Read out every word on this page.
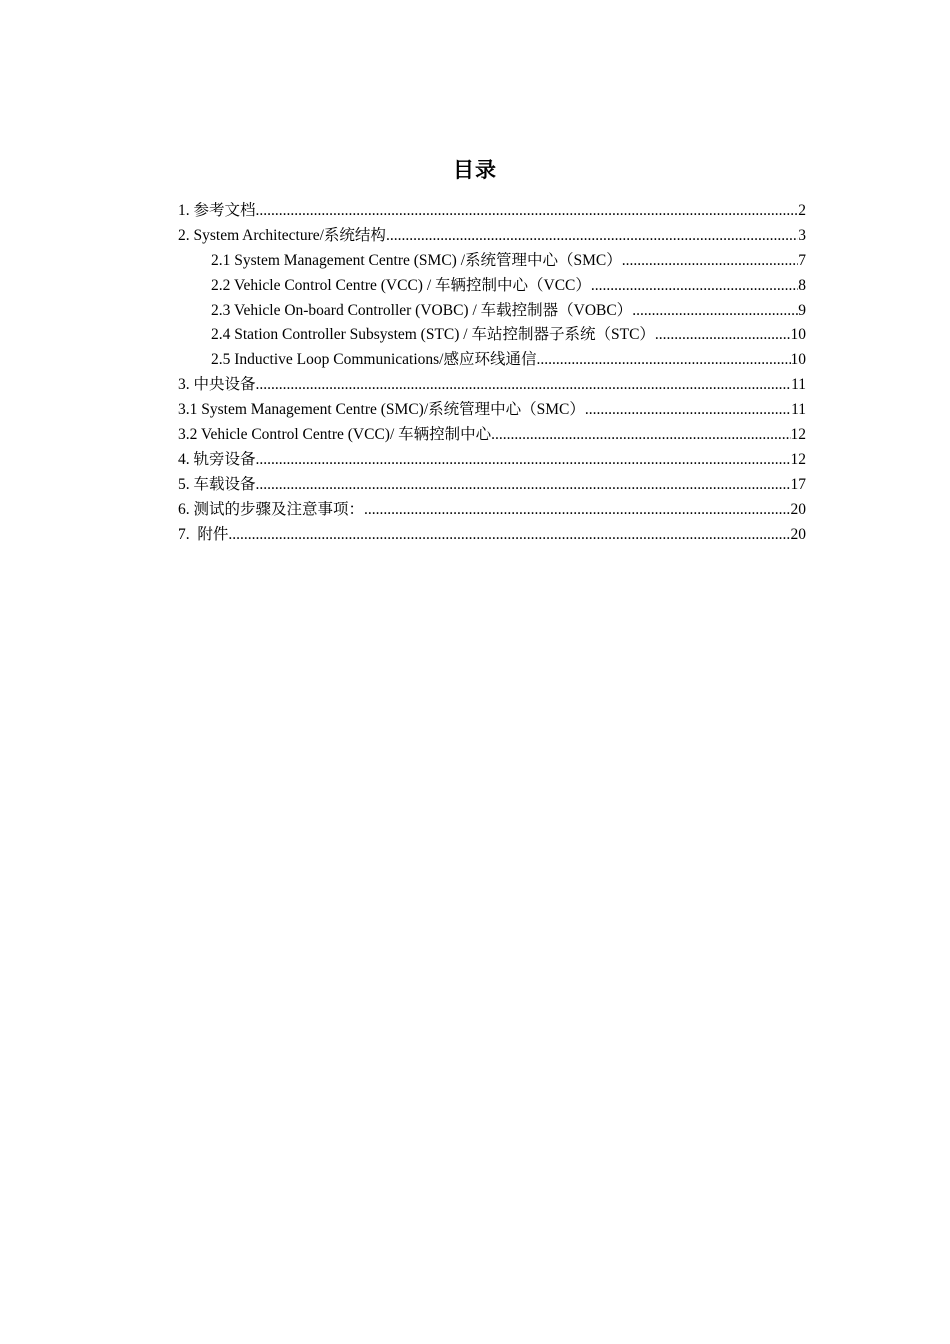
目录
1. 参考文档 .....	2
2. System Architecture/系统结构 .....	3
2.1 System Management Centre (SMC) /系统管理中心（SMC） .....	7
2.2 Vehicle Control Centre (VCC) / 车辆控制中心（VCC） .....	8
2.3 Vehicle On-board Controller (VOBC) / 车载控制器（VOBC） .....	9
2.4 Station Controller Subsystem (STC) / 车站控制器子系统（STC） .....	10
2.5 Inductive Loop Communications/感应环线通信 .....	10
3. 中央设备 .....	11
3.1 System Management Centre (SMC)/系统管理中心（SMC） .....	11
3.2 Vehicle Control Centre (VCC)/ 车辆控制中心 .....	12
4. 轨旁设备 .....	12
5. 车载设备 .....	17
6. 测试的步骤及注意事项： .....	20
7.  附件 .....	20
